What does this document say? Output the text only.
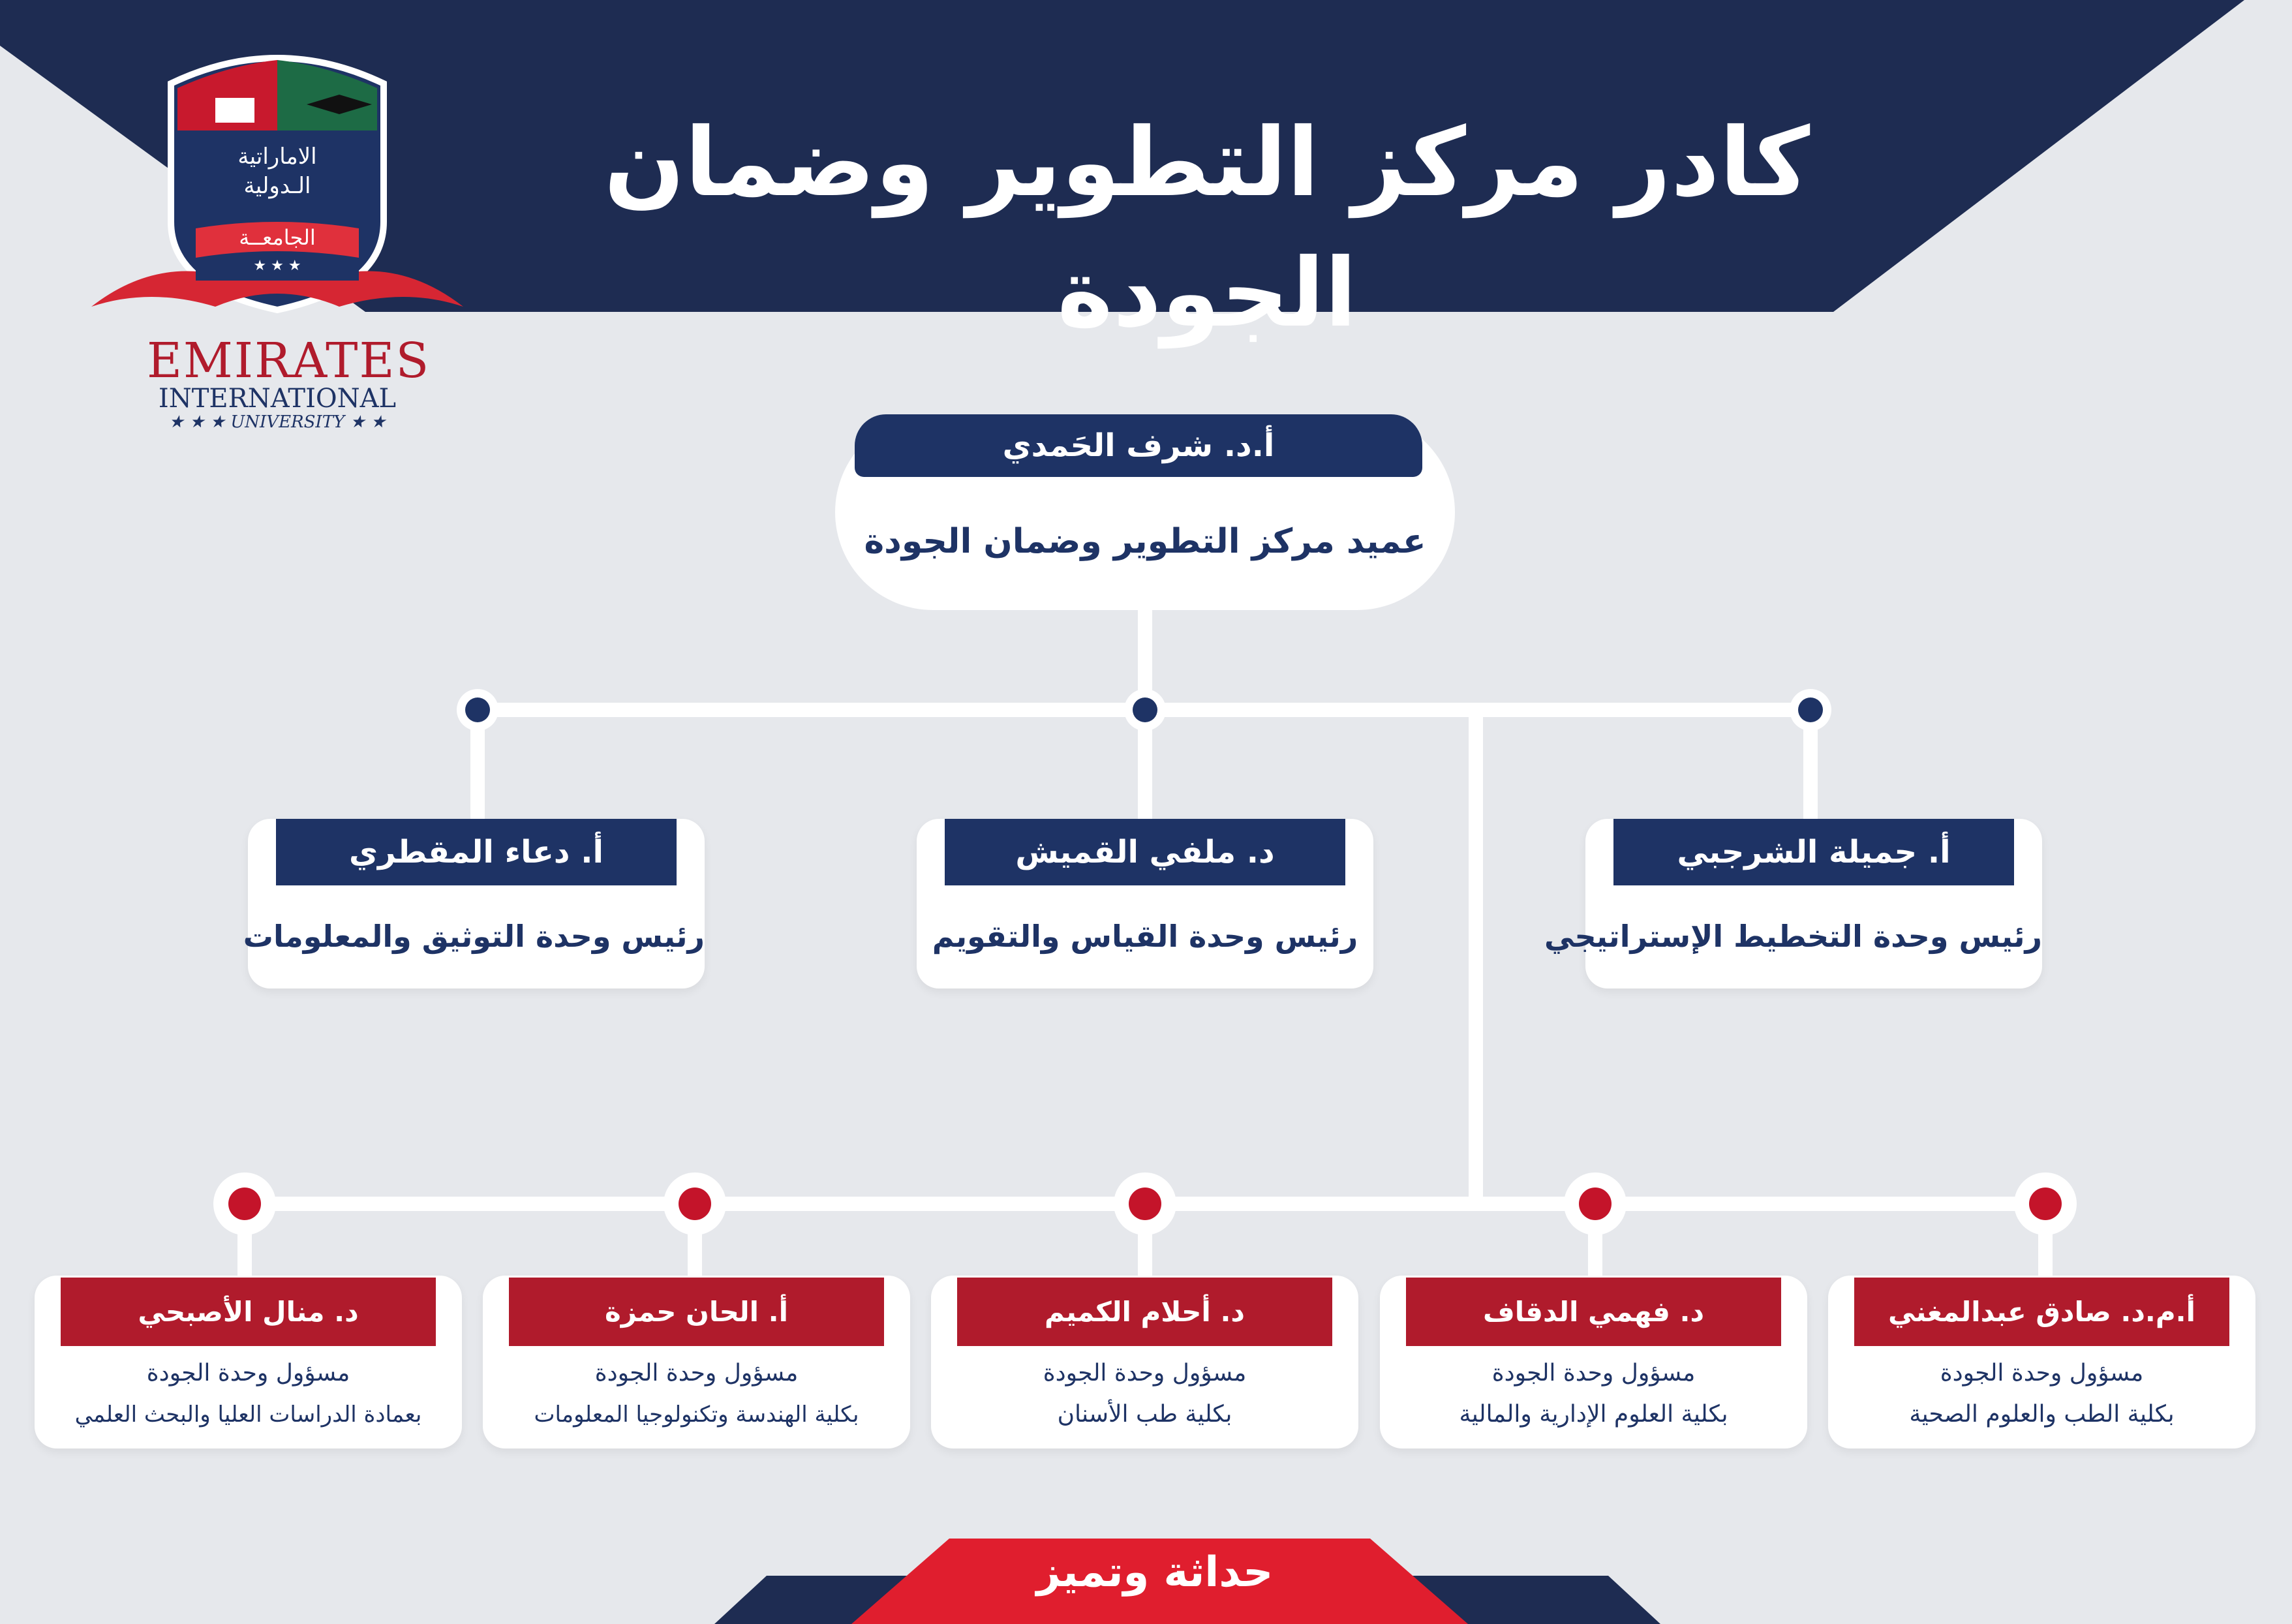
كادر مركز التطوير وضمان الجودة
الاماراتية
الـدولية
الجامعــة
★ ★ ★
EMIRATES
INTERNATIONAL
★ ★ ★ UNIVERSITY ★ ★
أ.د. شرف الحَمدي
عميد مركز التطوير وضمان الجودة
أ. جميلة الشرجبي
رئيس وحدة التخطيط الإستراتيجي
د. ملفي القميش
رئيس وحدة القياس والتقويم
أ. دعاء المقطري
رئيس وحدة التوثيق والمعلومات
أ.م.د. صادق عبدالمغني
مسؤول وحدة الجودة
بكلية الطب والعلوم الصحية
د. فهمي الدقاف
مسؤول وحدة الجودة
بكلية العلوم الإدارية والمالية
د. أحلام الكميم
مسؤول وحدة الجودة
بكلية طب الأسنان
أ. الحان حمزة
مسؤول وحدة الجودة
بكلية الهندسة وتكنولوجيا المعلومات
د. منال الأصبحي
مسؤول وحدة الجودة
بعمادة الدراسات العليا والبحث العلمي
حداثة وتميز
